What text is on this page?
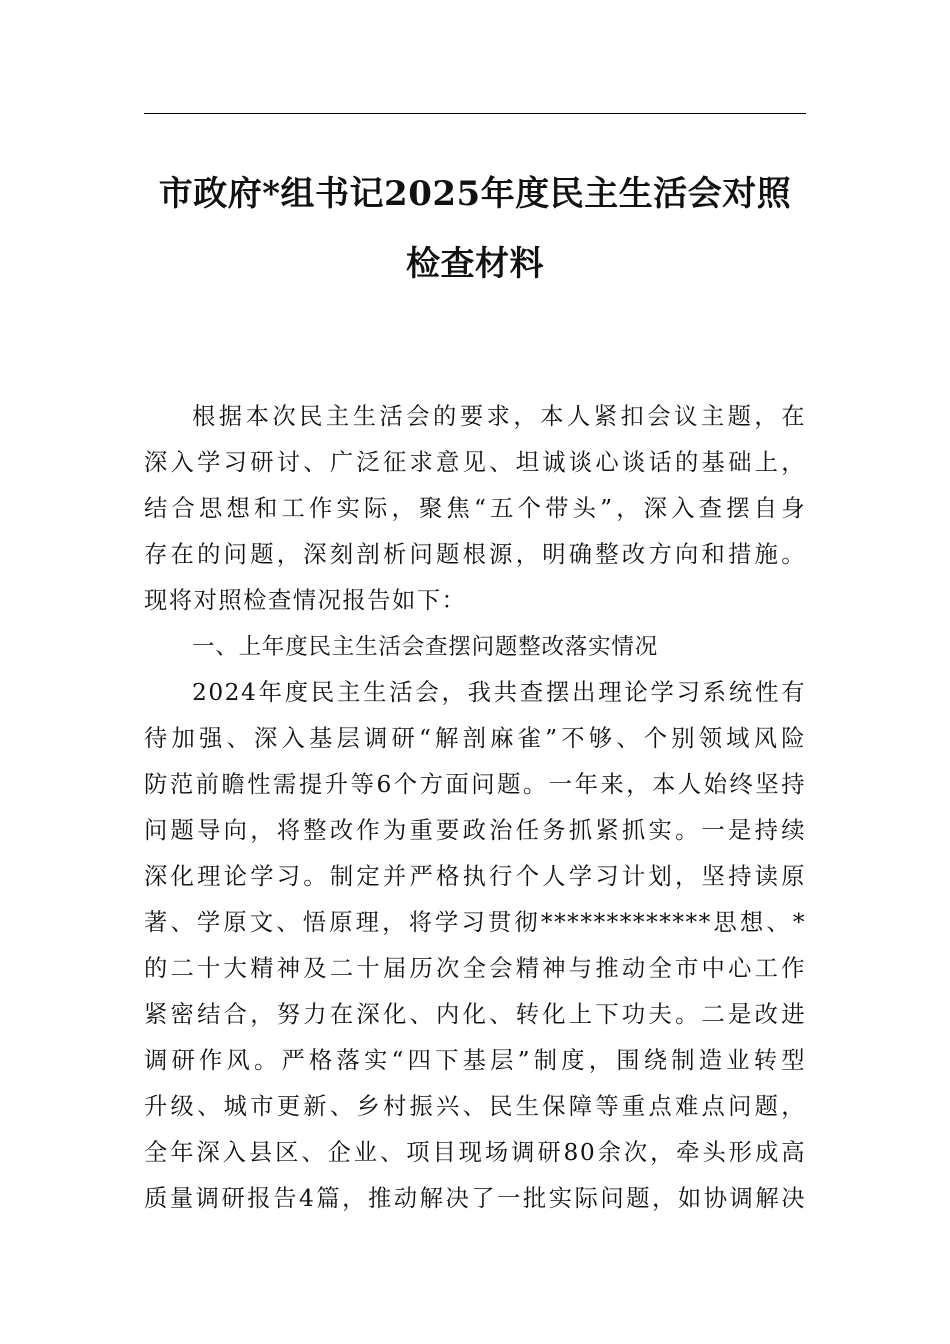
市政府*组书记2025年度民主生活会对照
检查材料
根据本次民主生活会的要求，本人紧扣会议主题，在
深入学习研讨、广泛征求意见、坦诚谈心谈话的基础上，
结合思想和工作实际，聚焦“五个带头”，深入查摆自身
存在的问题，深刻剖析问题根源，明确整改方向和措施。
现将对照检查情况报告如下：
一、上年度民主生活会查摆问题整改落实情况
2024年度民主生活会，我共查摆出理论学习系统性有
待加强、深入基层调研“解剖麻雀”不够、个别领域风险
防范前瞻性需提升等6个方面问题。一年来，本人始终坚持
问题导向，将整改作为重要政治任务抓紧抓实。一是持续
深化理论学习。制定并严格执行个人学习计划，坚持读原
著、学原文、悟原理，将学习贯彻*************思想、*
的二十大精神及二十届历次全会精神与推动全市中心工作
紧密结合，努力在深化、内化、转化上下功夫。二是改进
调研作风。严格落实“四下基层”制度，围绕制造业转型
升级、城市更新、乡村振兴、民生保障等重点难点问题，
全年深入县区、企业、项目现场调研80余次，牵头形成高
质量调研报告4篇，推动解决了一批实际问题，如协调解决
